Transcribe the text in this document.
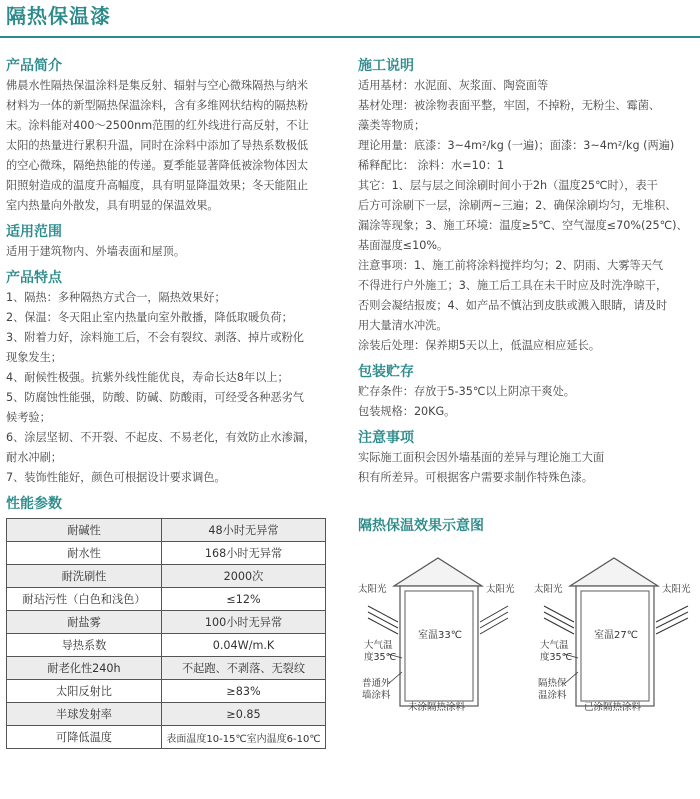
隔热保温漆
产品简介

佛晨水性隔热保温涂料是集反射、辐射与空心微珠隔热与纳米

材料为一体的新型隔热保温涂料，含有多维网状结构的隔热粉

末。涂料能对400～2500nm范围的红外线进行高反射，不让

太阳的热量进行累积升温，同时在涂料中添加了导热系数极低

的空心微珠，隔绝热能的传递。夏季能显著降低被涂物体因太

阳照射造成的温度升高幅度，具有明显降温效果；冬天能阻止

室内热量向外散发，具有明显的保温效果。

适用范围

适用于建筑物内、外墙表面和屋顶。

产品特点

1、隔热：多种隔热方式合一，隔热效果好；

2、保温：冬天阻止室内热量向室外散播，降低取暖负荷；

3、附着力好，涂料施工后，不会有裂纹、剥落、掉片或粉化

现象发生；

4、耐候性极强。抗紫外线性能优良，寿命长达8年以上；

5、防腐蚀性能强，防酸、防碱、防酸雨，可经受各种恶劣气

候考验；

6、涂层坚韧、不开裂、不起皮、不易老化，有效防止水渗漏，

耐水冲刷；

7、装饰性能好，颜色可根据设计要求调色。

性能参数
耐碱性	48小时无异常
耐水性	168小时无异常
耐洗刷性	2000次
耐玷污性（白色和浅色）	≤12%
耐盐雾	100小时无异常
导热系数	0.04W/m.K
耐老化性240h	不起跑、不剥落、无裂纹
太阳反射比	≥83%
半球发射率	≥0.85
可降低温度	表面温度10-15℃室内温度6-10℃
施工说明

适用基材：水泥面、灰浆面、陶瓷面等

基材处理：被涂物表面平整，牢固，不掉粉，无粉尘、霉菌、

藻类等物质；

理论用量：底漆：3~4m²/kg (一遍)；面漆：3~4m²/kg (两遍)

稀释配比： 涂料：水=10：1

其它：1、层与层之间涂刷时间小于2h（温度25℃时），表干

后方可涂刷下一层，涂刷两~三遍；2、确保涂刷均匀，无堆积、

漏涂等现象；3、施工环境：温度≥5℃、空气湿度≤70%(25℃)、

基面湿度≤10%。

注意事项：1、施工前将涂料搅拌均匀；2、阴雨、大雾等天气

不得进行户外施工；3、施工后工具在未干时应及时洗净晾干，

否则会凝结报废；4、如产品不慎沾到皮肤或溅入眼睛，请及时

用大量清水冲洗。

涂装后处理：保养期5天以上，低温应相应延长。

包装贮存

贮存条件：存放于5-35℃以上阴凉干爽处。

包装规格：20KG。

注意事项

实际施工面积会因外墙基面的差异与理论施工大面

积有所差异。可根据客户需要求制作特殊色漆。

隔热保温效果示意图
太阳光	太阳光
大气温
度35℃
室温33℃
普通外
墙涂料
未涂隔热涂料
太阳光	太阳光
大气温
度35℃
室温27℃
隔热保
温涂料
已涂隔热涂料
